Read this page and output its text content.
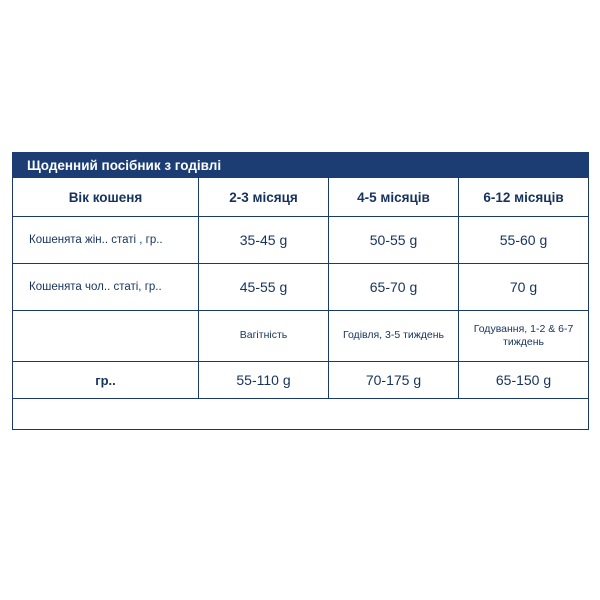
Щоденний посібник з годівлі			
Вік кошеня	2-3 місяця	4-5 місяців	6-12 місяців
Кошенята жін.. статі , гр..	35-45 g	50-55 g	55-60 g
Кошенята чол.. статі, гр..	45-55 g	65-70 g	70 g
	Вагітність	Годівля, 3-5 тиждень	Годування, 1-2 & 6-7 тиждень
гр..	55-110 g	70-175 g	65-150 g
